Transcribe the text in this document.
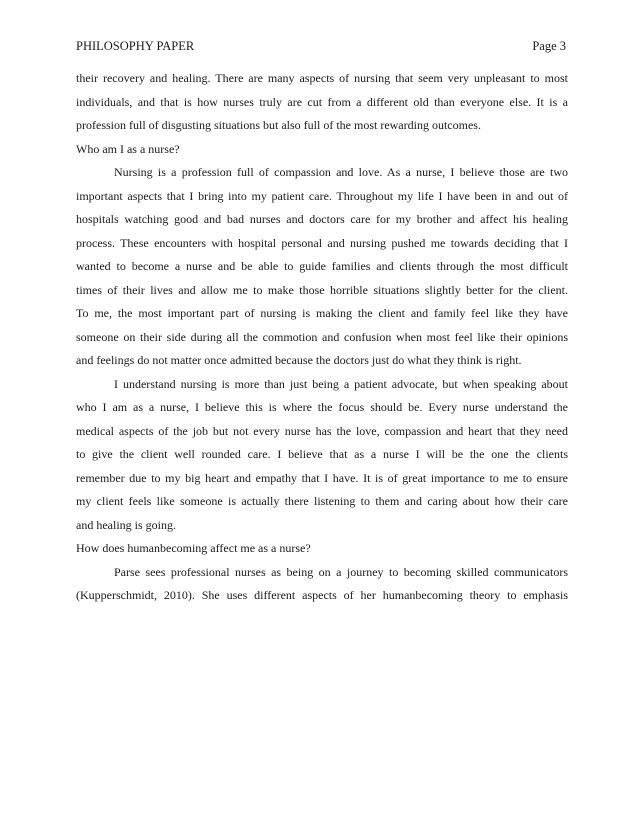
PHILOSOPHY PAPER	Page 3
their recovery and healing. There are many aspects of nursing that seem very unpleasant to most
individuals, and that is how nurses truly are cut from a different old than everyone else. It is a
profession full of disgusting situations but also full of the most rewarding outcomes.
Who am I as a nurse?
Nursing is a profession full of compassion and love. As a nurse, I believe those are two
important aspects that I bring into my patient care. Throughout my life I have been in and out of
hospitals watching good and bad nurses and doctors care for my brother and affect his healing
process. These encounters with hospital personal and nursing pushed me towards deciding that I
wanted to become a nurse and be able to guide families and clients through the most difficult
times of their lives and allow me to make those horrible situations slightly better for the client.
To me, the most important part of nursing is making the client and family feel like they have
someone on their side during all the commotion and confusion when most feel like their opinions
and feelings do not matter once admitted because the doctors just do what they think is right.
I understand nursing is more than just being a patient advocate, but when speaking about
who I am as a nurse, I believe this is where the focus should be. Every nurse understand the
medical aspects of the job but not every nurse has the love, compassion and heart that they need
to give the client well rounded care. I believe that as a nurse I will be the one the clients
remember due to my big heart and empathy that I have. It is of great importance to me to ensure
my client feels like someone is actually there listening to them and caring about how their care
and healing is going.
How does humanbecoming affect me as a nurse?
Parse sees professional nurses as being on a journey to becoming skilled communicators
(Kupperschmidt, 2010). She uses different aspects of her humanbecoming theory to emphasis
